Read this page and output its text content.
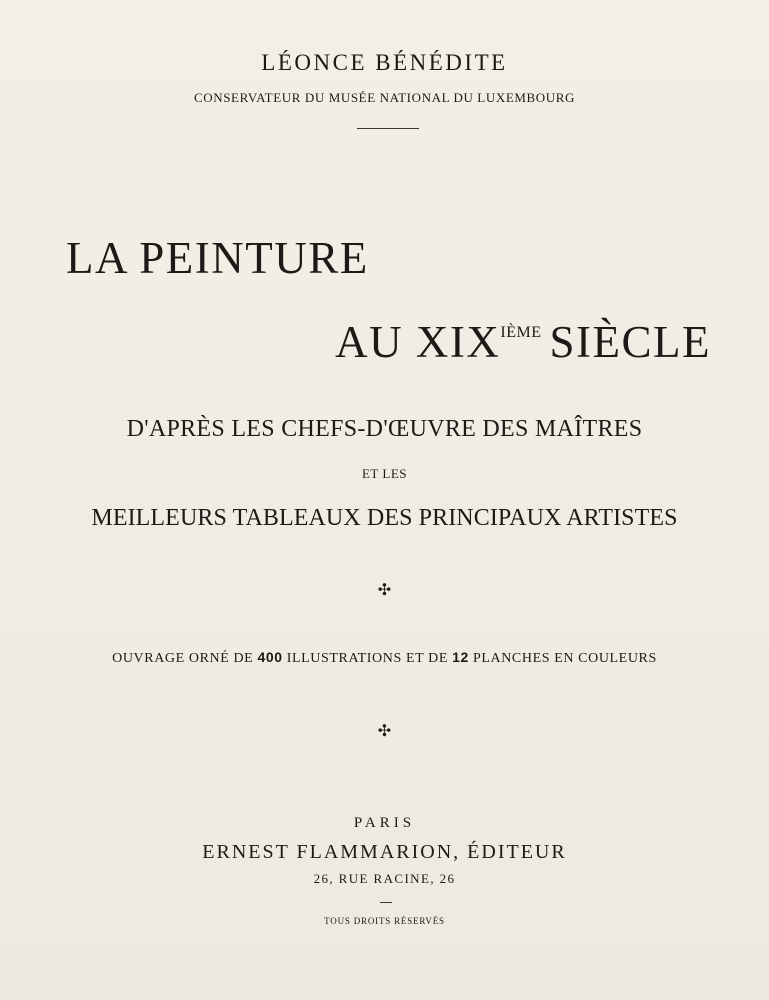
LÉONCE BÉNÉDITE

CONSERVATEUR DU MUSÉE NATIONAL DU LUXEMBOURG

LA PEINTURE
AU XIXIÈME SIÈCLE

D'APRÈS LES CHEFS-D'ŒUVRE DES MAÎTRES

ET LES

MEILLEURS TABLEAUX DES PRINCIPAUX ARTISTES

✣

OUVRAGE ORNÉ DE 400 ILLUSTRATIONS ET DE 12 PLANCHES EN COULEURS

✣

PARIS

ERNEST FLAMMARION, ÉDITEUR

26, RUE RACINE, 26

TOUS DROITS RÉSERVÉS
